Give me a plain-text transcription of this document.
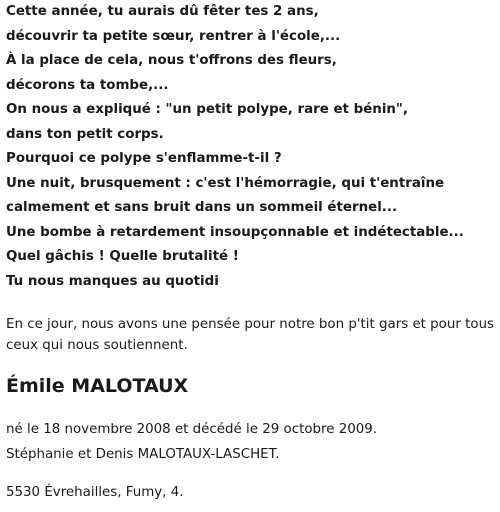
Cette année, tu aurais dû fêter tes 2 ans,
découvrir ta petite sœur, rentrer à l'école,...
À la place de cela, nous t'offrons des fleurs,
décorons ta tombe,...
On nous a expliqué : "un petit polype, rare et bénin",
dans ton petit corps.
Pourquoi ce polype s'enflamme-t-il ?
Une nuit, brusquement : c'est l'hémorragie, qui t'entraîne
calmement et sans bruit dans un sommeil éternel...
Une bombe à retardement insoupçonnable et indétectable...
Quel gâchis ! Quelle brutalité !
Tu nous manques au quotidi
En ce jour, nous avons une pensée pour notre bon p'tit gars et pour tous ceux qui nous soutiennent.
Émile MALOTAUX
né le 18 novembre 2008 et décédé le 29 octobre 2009.
Stéphanie et Denis MALOTAUX-LASCHET.
5530 Évrehailles, Fumy, 4.
